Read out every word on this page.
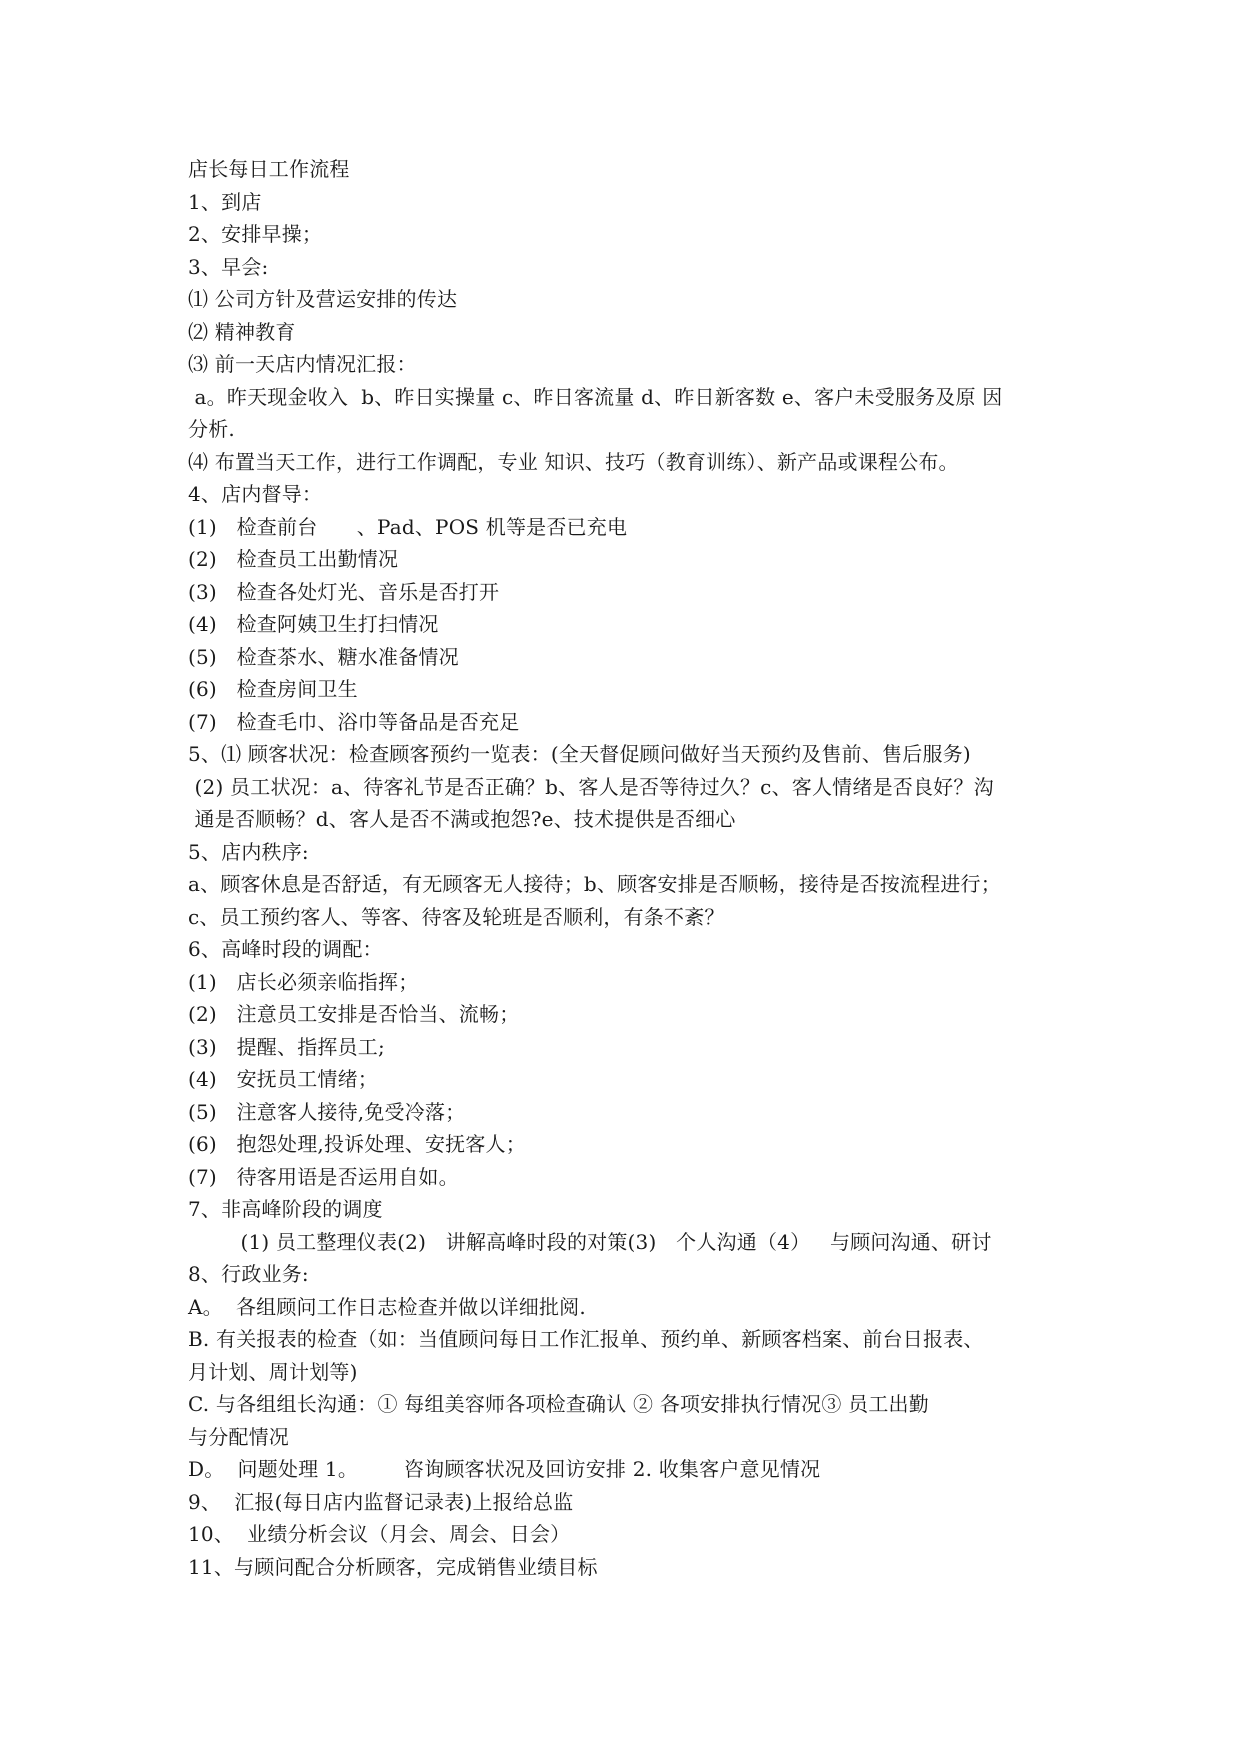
店长每日工作流程
1、到店
2、安排早操；
3、早会:
⑴ 公司方针及营运安排的传达
⑵ 精神教育
⑶ 前一天店内情况汇报：
a。昨天现金收入  b、昨日实操量 c、昨日客流量 d、昨日新客数 e、客户未受服务及原 因
分析.
⑷ 布置当天工作，进行工作调配，专业 知识、技巧（教育训练）、新产品或课程公布。
4、店内督导：
(1)   检查前台      、Pad、POS 机等是否已充电
(2)   检查员工出勤情况
(3)   检查各处灯光、音乐是否打开
(4)   检查阿姨卫生打扫情况
(5)   检查茶水、糖水准备情况
(6)   检查房间卫生
(7)   检查毛巾、浴巾等备品是否充足
5、⑴ 顾客状况：检查顾客预约一览表：(全天督促顾问做好当天预约及售前、售后服务)
(2) 员工状况：a、待客礼节是否正确？b、客人是否等待过久？c、客人情绪是否良好？沟
通是否顺畅？d、客人是否不满或抱怨?e、技术提供是否细心
5、店内秩序:
a、顾客休息是否舒适，有无顾客无人接待；b、顾客安排是否顺畅，接待是否按流程进行；
c、员工预约客人、等客、待客及轮班是否顺利，有条不紊？
6、高峰时段的调配：
(1)   店长必须亲临指挥；
(2)   注意员工安排是否恰当、流畅；
(3)   提醒、指挥员工;
(4)   安抚员工情绪；
(5)   注意客人接待,免受冷落；
(6)   抱怨处理,投诉处理、安抚客人；
(7)   待客用语是否运用自如。
7、非高峰阶段的调度
(1) 员工整理仪表(2)   讲解高峰时段的对策(3)   个人沟通（4）   与顾问沟通、研讨
8、行政业务:
A。  各组顾问工作日志检查并做以详细批阅.
B. 有关报表的检查（如：当值顾问每日工作汇报单、预约单、新顾客档案、前台日报表、
月计划、周计划等)
C. 与各组组长沟通：① 每组美容师各项检查确认 ② 各项安排执行情况③ 员工出勤
与分配情况
D。  问题处理 1。       咨询顾客状况及回访安排 2. 收集客户意见情况
9、  汇报(每日店内监督记录表)上报给总监
10、  业绩分析会议（月会、周会、日会）
11、与顾问配合分析顾客，完成销售业绩目标
